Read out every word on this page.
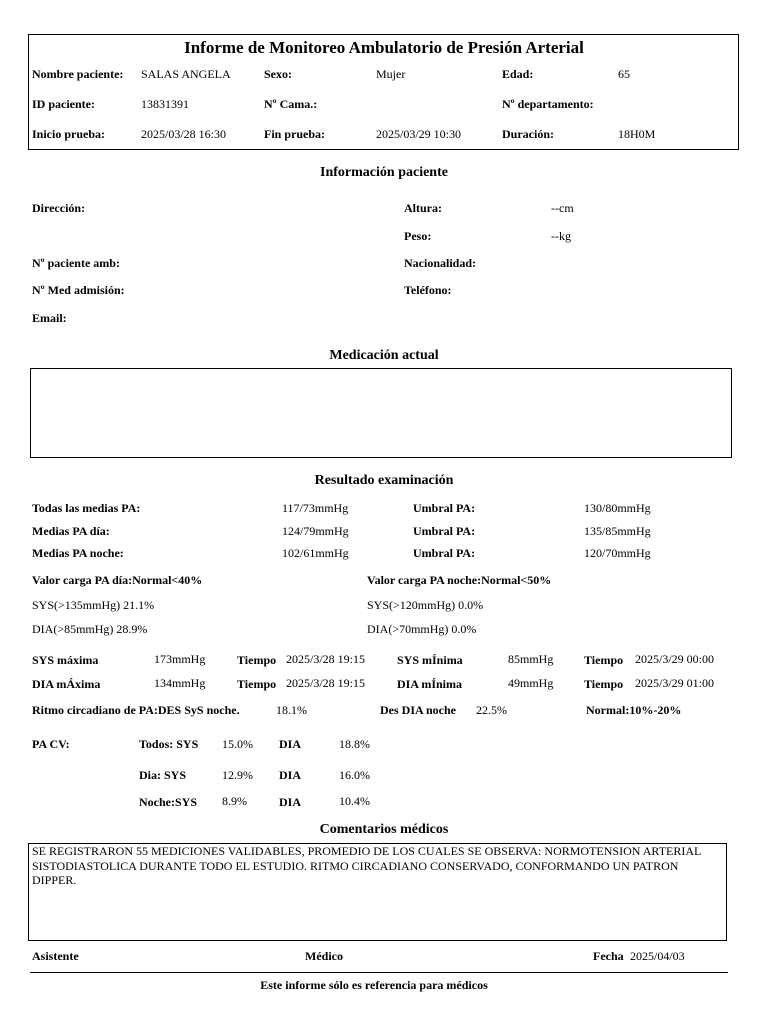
Informe de Monitoreo Ambulatorio de Presión Arterial
Nombre paciente: SALAS ANGELA	Sexo:	Mujer	Edad:	65
ID paciente:	13831391	Nº Cama.:	Nº departamento:
Inicio prueba:	2025/03/28 16:30	Fin prueba:	2025/03/29 10:30	Duración:	18H0M
Información paciente
Dirección:	Altura:	--cm
Peso:	--kg
Nº paciente amb:	Nacionalidad:
Nº Med admisión:	Teléfono:
Email:
Medicación actual
Resultado examinación
Todas las medias PA:	117/73mmHg	Umbral PA:	130/80mmHg
Medias PA día:	124/79mmHg	Umbral PA:	135/85mmHg
Medias PA noche:	102/61mmHg	Umbral PA:	120/70mmHg
Valor carga PA día:Normal<40%	Valor carga PA noche:Normal<50%
SYS(>135mmHg) 21.1%	SYS(>120mmHg) 0.0%
DIA(>85mmHg) 28.9%	DIA(>70mmHg) 0.0%
SYS máxima	173mmHg	Tiempo 2025/3/28 19:15	SYS mÍnima	85mmHg	Tiempo 2025/3/29 00:00
DIA mÁxima	134mmHg	Tiempo 2025/3/28 19:15	DIA mÍnima	49mmHg	Tiempo 2025/3/29 01:00
Ritmo circadiano de PA:DES SyS noche.	18.1%	Des DIA noche 22.5%	Normal:10%-20%
PA CV:	Todos: SYS 15.0% DIA	18.8%
Dia: SYS	12.9% DIA	16.0%
Noche:SYS 8.9%	DIA	10.4%
Comentarios médicos
SE REGISTRARON 55 MEDICIONES VALIDABLES, PROMEDIO DE LOS CUALES SE OBSERVA: NORMOTENSION ARTERIAL SISTODIASTOLICA DURANTE TODO EL ESTUDIO. RITMO CIRCADIANO CONSERVADO, CONFORMANDO UN PATRON DIPPER.
Asistente	Médico	Fecha 2025/04/03
Este informe sólo es referencia para médicos
